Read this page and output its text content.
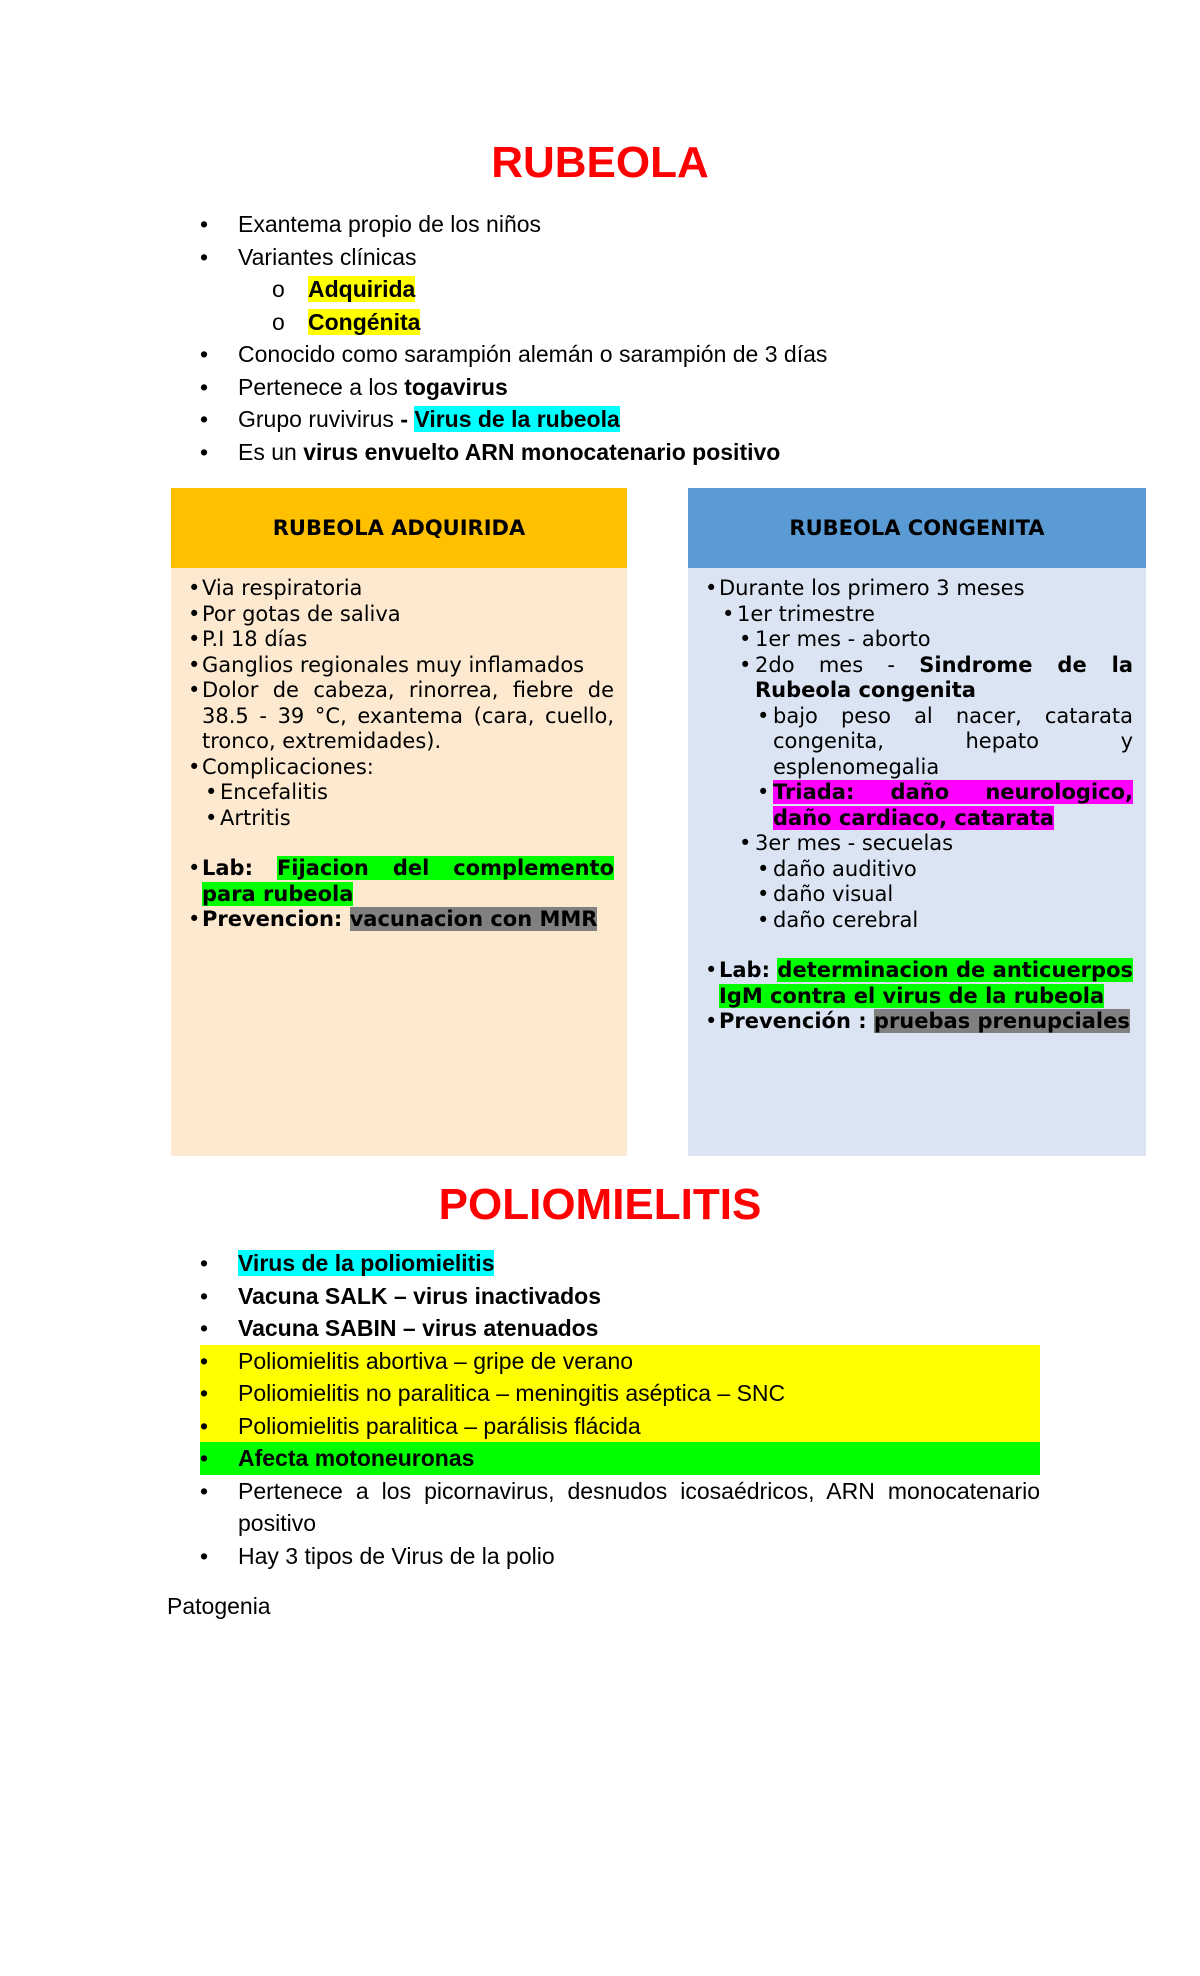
RUBEOLA
• Exantema propio de los niños
• Variantes clínicas
o Adquirida
o Congénita
• Conocido como sarampión alemán o sarampión de 3 días
• Pertenece a los togavirus
• Grupo ruvivirus - Virus de la rubeola
• Es un virus envuelto ARN monocatenario positivo
RUBEOLA ADQUIRIDA
• Via respiratoria
• Por gotas de saliva
• P.I 18 días
• Ganglios regionales muy inflamados
• Dolor de cabeza, rinorrea, fiebre de 38.5 - 39 °C, exantema (cara, cuello, tronco, extremidades).
• Complicaciones:
• Encefalitis
• Artritis
• Lab: Fijacion del complemento para rubeola
• Prevencion: vacunacion con MMR
RUBEOLA CONGENITA
• Durante los primero 3 meses
• 1er trimestre
• 1er mes - aborto
• 2do mes - Sindrome de la Rubeola congenita
• bajo peso al nacer, catarata congenita, hepato y esplenomegalia
• Triada: daño neurologico, daño cardiaco, catarata
• 3er mes - secuelas
• daño auditivo
• daño visual
• daño cerebral
• Lab: determinacion de anticuerpos IgM contra el virus de la rubeola
• Prevención : pruebas prenupciales
POLIOMIELITIS
• Virus de la poliomielitis
• Vacuna SALK – virus inactivados
• Vacuna SABIN – virus atenuados
• Poliomielitis abortiva – gripe de verano
• Poliomielitis no paralitica – meningitis aséptica – SNC
• Poliomielitis paralitica – parálisis flácida
• Afecta motoneuronas
• Pertenece a los picornavirus, desnudos icosaédricos, ARN monocatenario positivo
• Hay 3 tipos de Virus de la polio

Patogenia
